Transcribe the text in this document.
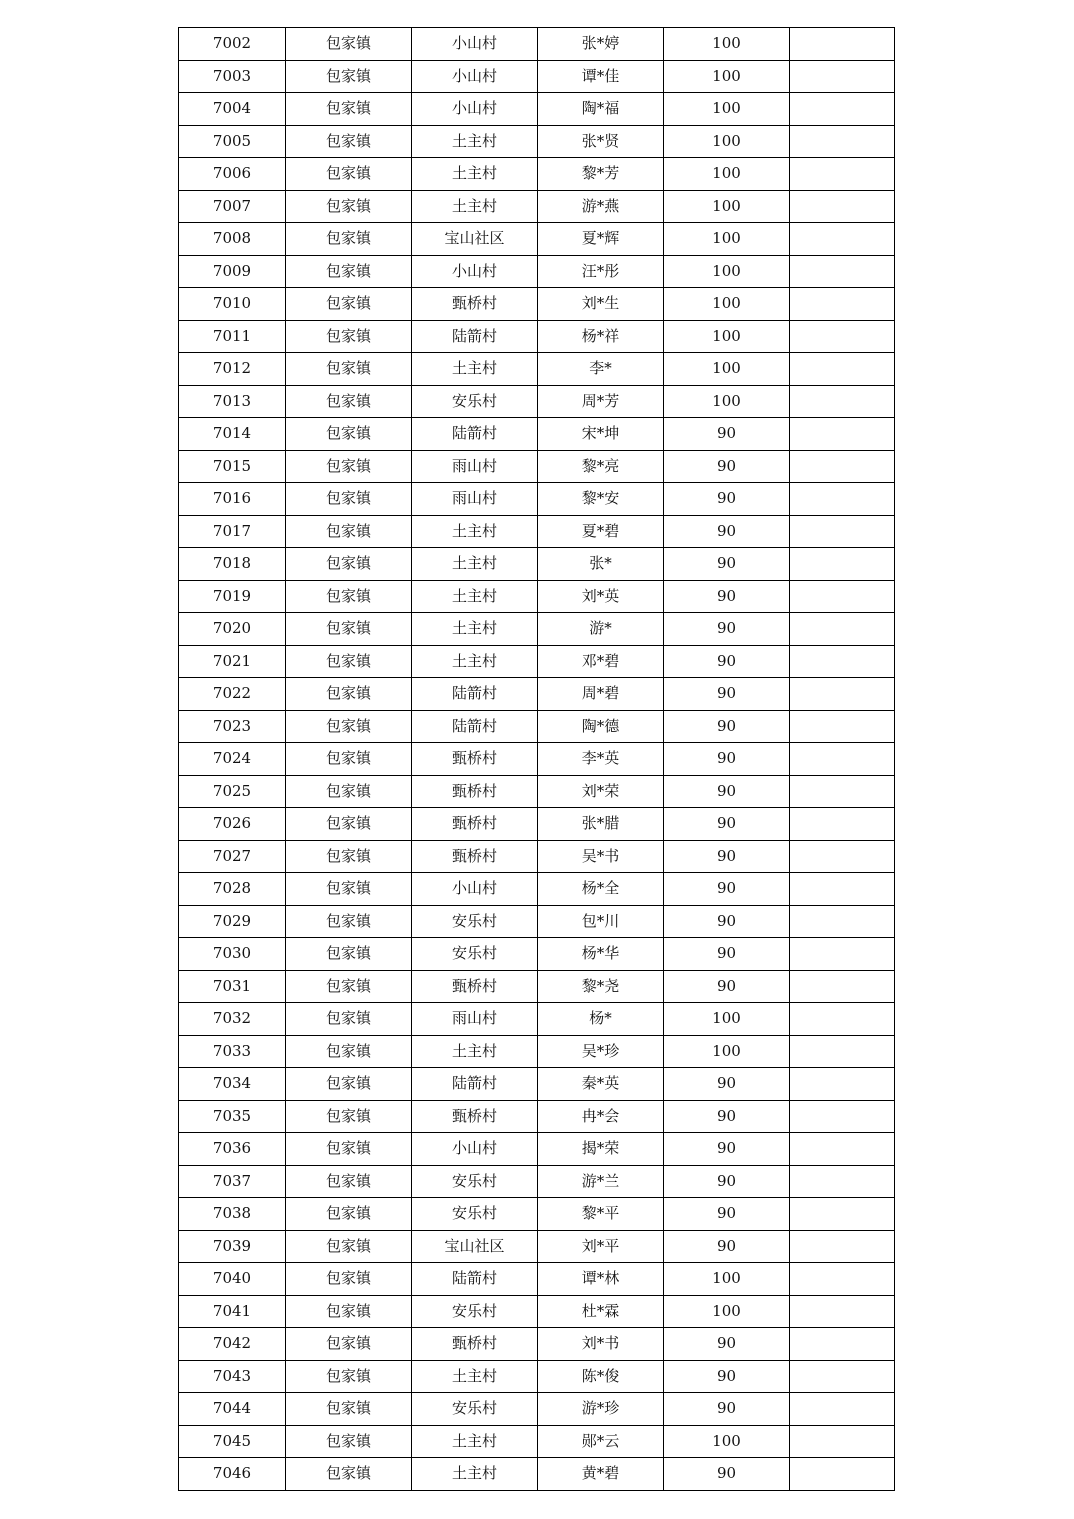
7002	包家镇	小山村	张*婷	100	
7003	包家镇	小山村	谭*佳	100	
7004	包家镇	小山村	陶*福	100	
7005	包家镇	土主村	张*贤	100	
7006	包家镇	土主村	黎*芳	100	
7007	包家镇	土主村	游*燕	100	
7008	包家镇	宝山社区	夏*辉	100	
7009	包家镇	小山村	汪*彤	100	
7010	包家镇	甄桥村	刘*生	100	
7011	包家镇	陆箭村	杨*祥	100	
7012	包家镇	土主村	李*	100	
7013	包家镇	安乐村	周*芳	100	
7014	包家镇	陆箭村	宋*坤	90	
7015	包家镇	雨山村	黎*亮	90	
7016	包家镇	雨山村	黎*安	90	
7017	包家镇	土主村	夏*碧	90	
7018	包家镇	土主村	张*	90	
7019	包家镇	土主村	刘*英	90	
7020	包家镇	土主村	游*	90	
7021	包家镇	土主村	邓*碧	90	
7022	包家镇	陆箭村	周*碧	90	
7023	包家镇	陆箭村	陶*德	90	
7024	包家镇	甄桥村	李*英	90	
7025	包家镇	甄桥村	刘*荣	90	
7026	包家镇	甄桥村	张*腊	90	
7027	包家镇	甄桥村	吴*书	90	
7028	包家镇	小山村	杨*全	90	
7029	包家镇	安乐村	包*川	90	
7030	包家镇	安乐村	杨*华	90	
7031	包家镇	甄桥村	黎*尧	90	
7032	包家镇	雨山村	杨*	100	
7033	包家镇	土主村	吴*珍	100	
7034	包家镇	陆箭村	秦*英	90	
7035	包家镇	甄桥村	冉*会	90	
7036	包家镇	小山村	揭*荣	90	
7037	包家镇	安乐村	游*兰	90	
7038	包家镇	安乐村	黎*平	90	
7039	包家镇	宝山社区	刘*平	90	
7040	包家镇	陆箭村	谭*林	100	
7041	包家镇	安乐村	杜*霖	100	
7042	包家镇	甄桥村	刘*书	90	
7043	包家镇	土主村	陈*俊	90	
7044	包家镇	安乐村	游*珍	90	
7045	包家镇	土主村	郧*云	100	
7046	包家镇	土主村	黄*碧	90	
